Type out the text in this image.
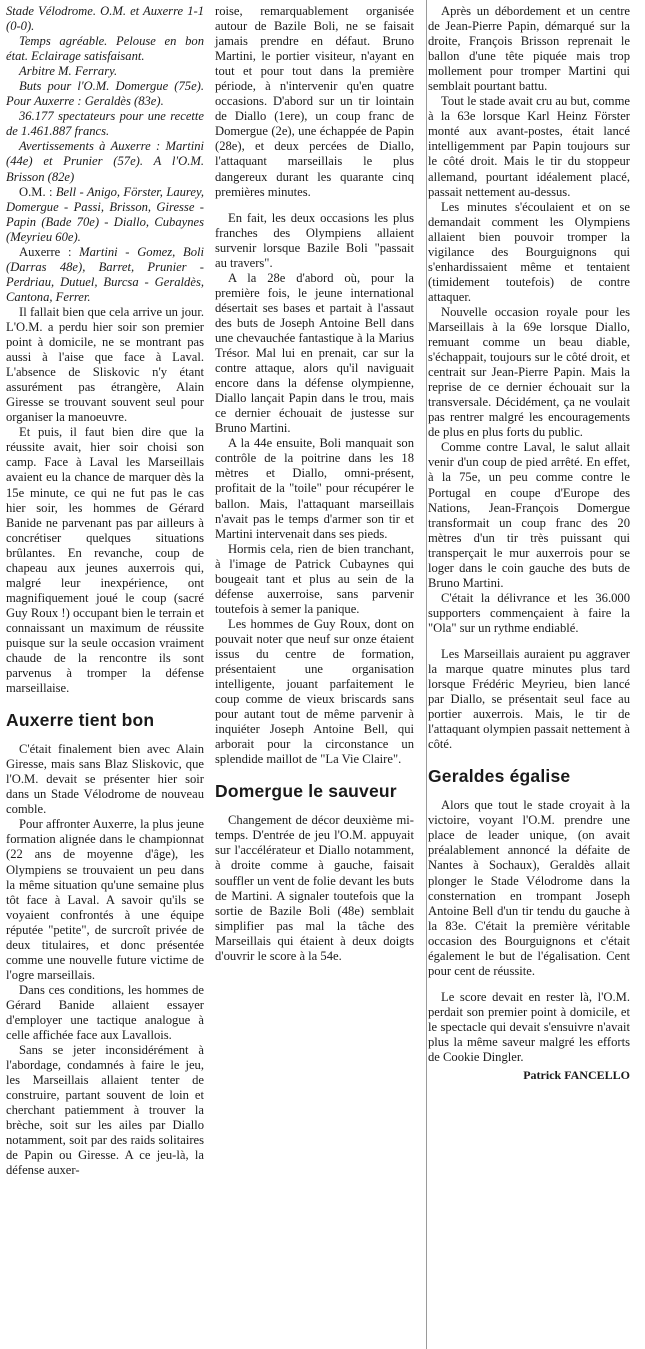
Stade Vélodrome. O.M. et Auxerre 1-1 (0-0).

Temps agréable. Pelouse en bon état. Eclairage satisfaisant.

Arbitre M. Ferrary.

Buts pour l'O.M. Domergue (75e). Pour Auxerre : Geraldès (83e).

36.177 spectateurs pour une recette de 1.461.887 francs.

Avertissements à Auxerre : Martini (44e) et Prunier (57e). A l'O.M. Brisson (82e)

O.M. : Bell - Anigo, Förster, Laurey, Domergue - Passi, Brisson, Giresse - Papin (Bade 70e) - Diallo, Cubaynes (Meyrieu 60e).

Auxerre : Martini - Gomez, Boli (Darras 48e), Barret, Prunier - Perdriau, Dutuel, Burcsa - Geraldès, Cantona, Ferrer.

Il fallait bien que cela arrive un jour. L'O.M. a perdu hier soir son premier point à domicile, ne se montrant pas aussi à l'aise que face à Laval. L'absence de Sliskovic n'y étant assurément pas étrangère, Alain Giresse se trouvant souvent seul pour organiser la manoeuvre.

Et puis, il faut bien dire que la réussite avait, hier soir choisi son camp. Face à Laval les Marseillais avaient eu la chance de marquer dès la 15e minute, ce qui ne fut pas le cas hier soir, les hommes de Gérard Banide ne parvenant pas par ailleurs à concrétiser quelques situations brûlantes. En revanche, coup de chapeau aux jeunes auxerrois qui, malgré leur inexpérience, ont magnifiquement joué le coup (sacré Guy Roux !) occupant bien le terrain et connaissant un maximum de réussite puisque sur la seule occasion vraiment chaude de la rencontre ils sont parvenus à tromper la défense marseillaise.

Auxerre tient bon

C'était finalement bien avec Alain Giresse, mais sans Blaz Sliskovic, que l'O.M. devait se présenter hier soir dans un Stade Vélodrome de nouveau comble.

Pour affronter Auxerre, la plus jeune formation alignée dans le championnat (22 ans de moyenne d'âge), les Olympiens se trouvaient un peu dans la même situation qu'une semaine plus tôt face à Laval. A savoir qu'ils se voyaient confrontés à une équipe réputée "petite", de surcroît privée de deux titulaires, et donc présentée comme une nouvelle future victime de l'ogre marseillais.

Dans ces conditions, les hommes de Gérard Banide allaient essayer d'employer une tactique analogue à celle affichée face aux Lavallois.

Sans se jeter inconsidérément à l'abordage, condamnés à faire le jeu, les Marseillais allaient tenter de construire, partant souvent de loin et cherchant patiemment à trouver la brèche, soit sur les ailes par Diallo notamment, soit par des raids solitaires de Papin ou Giresse. A ce jeu-là, la défense auxer-

roise, remarquablement organisée autour de Bazile Boli, ne se faisait jamais prendre en défaut. Bruno Martini, le portier visiteur, n'ayant en tout et pour tout dans la première période, à n'intervenir qu'en quatre occasions. D'abord sur un tir lointain de Diallo (1ere), un coup franc de Domergue (2e), une échappée de Papin (28e), et deux percées de Diallo, l'attaquant marseillais le plus dangereux durant les quarante cinq premières minutes.

En fait, les deux occasions les plus franches des Olympiens allaient survenir lorsque Bazile Boli "passait au travers".

A la 28e d'abord où, pour la première fois, le jeune international désertait ses bases et partait à l'assaut des buts de Joseph Antoine Bell dans une chevauchée fantastique à la Marius Trésor. Mal lui en prenait, car sur la contre attaque, alors qu'il naviguait encore dans la défense olympienne, Diallo lançait Papin dans le trou, mais ce dernier échouait de justesse sur Bruno Martini.

A la 44e ensuite, Boli manquait son contrôle de la poitrine dans les 18 mètres et Diallo, omni-présent, profitait de la "toile" pour récupérer le ballon. Mais, l'attaquant marseillais n'avait pas le temps d'armer son tir et Martini intervenait dans ses pieds.

Hormis cela, rien de bien tranchant, à l'image de Patrick Cubaynes qui bougeait tant et plus au sein de la défense auxerroise, sans parvenir toutefois à semer la panique.

Les hommes de Guy Roux, dont on pouvait noter que neuf sur onze étaient issus du centre de formation, présentaient une organisation intelligente, jouant parfaitement le coup comme de vieux briscards sans pour autant tout de même parvenir à inquiéter Joseph Antoine Bell, qui arborait pour la circonstance un splendide maillot de "La Vie Claire".

Domergue le sauveur

Changement de décor deuxième mi-temps. D'entrée de jeu l'O.M. appuyait sur l'accélérateur et Diallo notamment, à droite comme à gauche, faisait souffler un vent de folie devant les buts de Martini. A signaler toutefois que la sortie de Bazile Boli (48e) semblait simplifier pas mal la tâche des Marseillais qui étaient à deux doigts d'ouvrir le score à la 54e.

Après un débordement et un centre de Jean-Pierre Papin, démarqué sur la droite, François Brisson reprenait le ballon d'une tête piquée mais trop mollement pour tromper Martini qui semblait pourtant battu.

Tout le stade avait cru au but, comme à la 63e lorsque Karl Heinz Förster monté aux avant-postes, était lancé intelligemment par Papin toujours sur le côté droit. Mais le tir du stoppeur allemand, pourtant idéalement placé, passait nettement au-dessus.

Les minutes s'écoulaient et on se demandait comment les Olympiens allaient bien pouvoir tromper la vigilance des Bourguignons qui s'enhardissaient même et tentaient (timidement toutefois) de contre attaquer.

Nouvelle occasion royale pour les Marseillais à la 69e lorsque Diallo, remuant comme un beau diable, s'échappait, toujours sur le côté droit, et centrait sur Jean-Pierre Papin. Mais la reprise de ce dernier échouait sur la transversale. Décidément, ça ne voulait pas rentrer malgré les encouragements de plus en plus forts du public.

Comme contre Laval, le salut allait venir d'un coup de pied arrêté. En effet, à la 75e, un peu comme contre le Portugal en coupe d'Europe des Nations, Jean-François Domergue transformait un coup franc des 20 mètres d'un tir très puissant qui transperçait le mur auxerrois pour se loger dans le coin gauche des buts de Bruno Martini.

C'était la délivrance et les 36.000 supporters commençaient à faire la "Ola" sur un rythme endiablé.

Les Marseillais auraient pu aggraver la marque quatre minutes plus tard lorsque Frédéric Meyrieu, bien lancé par Diallo, se présentait seul face au portier auxerrois. Mais, le tir de l'attaquant olympien passait nettement à côté.

Geraldes égalise

Alors que tout le stade croyait à la victoire, voyant l'O.M. prendre une place de leader unique, (on avait préalablement annoncé la défaite de Nantes à Sochaux), Geraldès allait plonger le Stade Vélodrome dans la consternation en trompant Joseph Antoine Bell d'un tir tendu du gauche à la 83e. C'était la première véritable occasion des Bourguignons et c'était également le but de l'égalisation. Cent pour cent de réussite.

Le score devait en rester là, l'O.M. perdait son premier point à domicile, et le spectacle qui devait s'ensuivre n'avait plus la même saveur malgré les efforts de Cookie Dingler.

Patrick FANCELLO
